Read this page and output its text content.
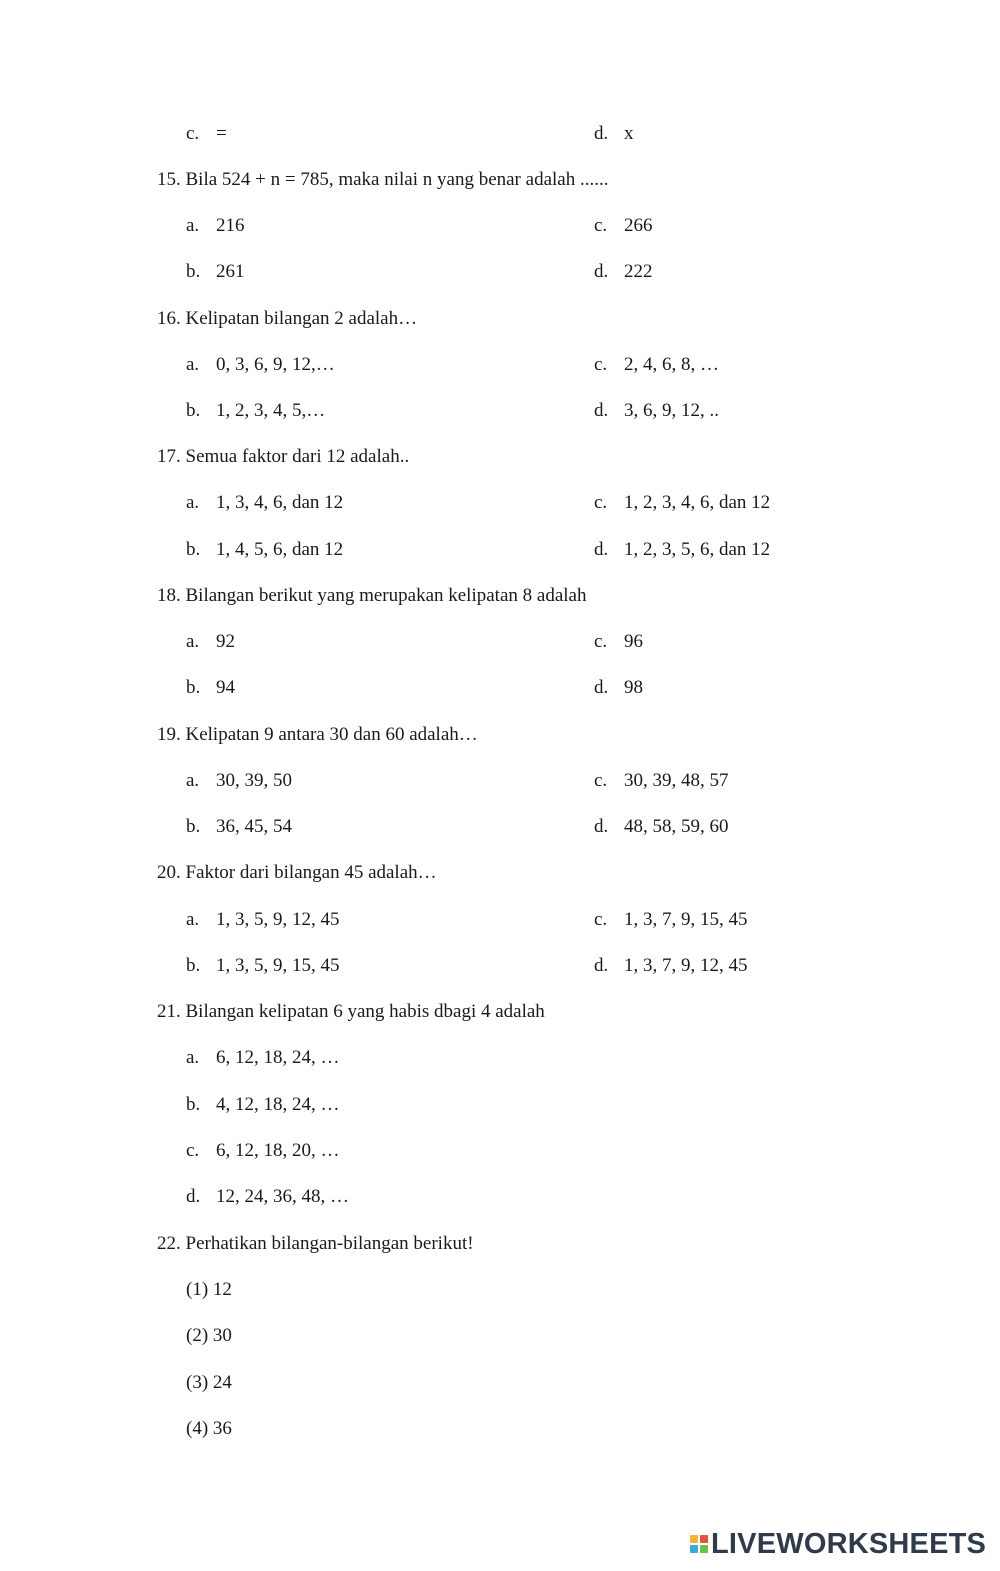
c. =	d. x
15. Bila 524 + n = 785, maka nilai n yang benar adalah ......
a. 216	c. 266
b. 261	d. 222
16. Kelipatan bilangan 2 adalah…
a. 0, 3, 6, 9, 12,…	c. 2, 4, 6, 8, …
b. 1, 2, 3, 4, 5,…	d. 3, 6, 9, 12, ..
17. Semua faktor dari 12 adalah..
a. 1, 3, 4, 6, dan 12	c. 1, 2, 3, 4, 6, dan 12
b. 1, 4, 5, 6, dan 12	d. 1, 2, 3, 5, 6, dan 12
18. Bilangan berikut yang merupakan kelipatan 8 adalah
a. 92	c. 96
b. 94	d. 98
19. Kelipatan 9 antara 30 dan 60 adalah…
a. 30, 39, 50	c. 30, 39, 48, 57
b. 36, 45, 54	d. 48, 58, 59, 60
20. Faktor dari bilangan 45 adalah…
a. 1, 3, 5, 9, 12, 45	c. 1, 3, 7, 9, 15, 45
b. 1, 3, 5, 9, 15, 45	d. 1, 3, 7, 9, 12, 45
21. Bilangan kelipatan 6 yang habis dbagi 4 adalah
a. 6, 12, 18, 24, …
b. 4, 12, 18, 24, …
c. 6, 12, 18, 20, …
d. 12, 24, 36, 48, …
22. Perhatikan bilangan-bilangan berikut!
(1) 12
(2) 30
(3) 24
(4) 36
LIVEWORKSHEETS
